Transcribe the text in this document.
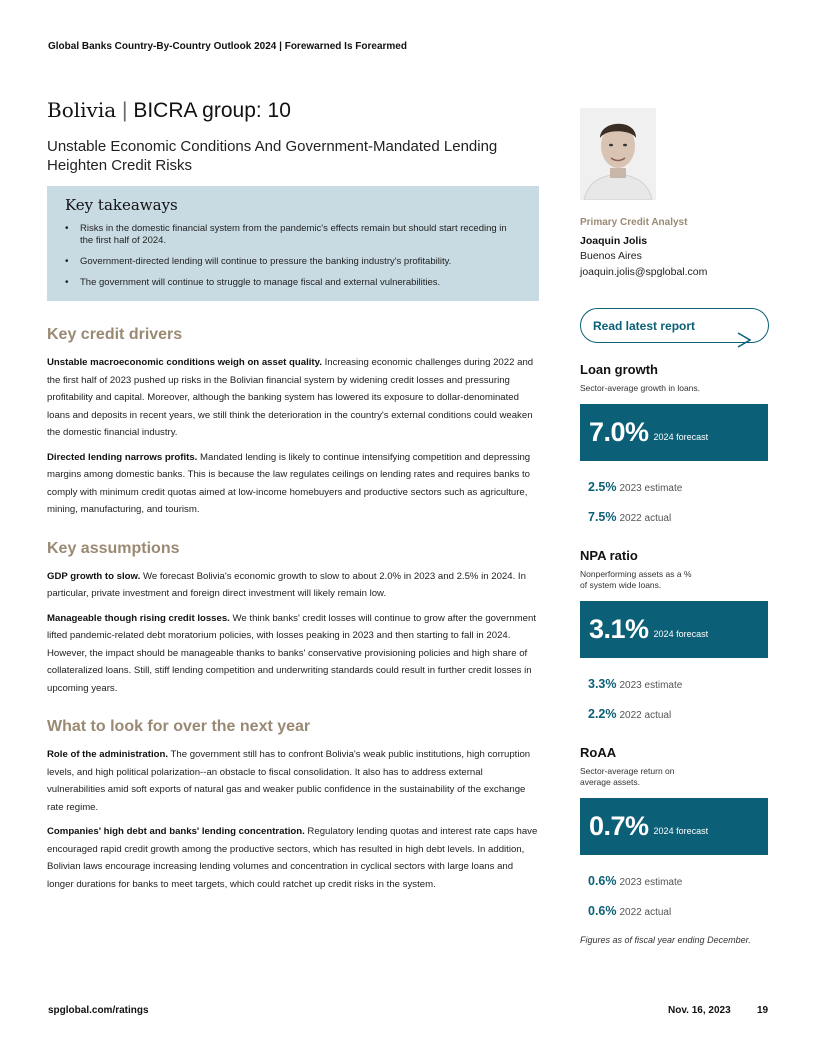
Global Banks Country-By-Country Outlook 2024 | Forewarned Is Forearmed
Bolivia | BICRA group: 10
Unstable Economic Conditions And Government-Mandated Lending Heighten Credit Risks
Key takeaways
• Risks in the domestic financial system from the pandemic's effects remain but should start receding in the first half of 2024.
• Government-directed lending will continue to pressure the banking industry's profitability.
• The government will continue to struggle to manage fiscal and external vulnerabilities.
Key credit drivers

Unstable macroeconomic conditions weigh on asset quality. Increasing economic challenges during 2022 and the first half of 2023 pushed up risks in the Bolivian financial system by widening credit losses and pressuring profitability and capital. Moreover, although the banking system has lowered its exposure to dollar-denominated loans and deposits in recent years, we still think the deterioration in the country's external conditions could weaken the domestic financial industry.

Directed lending narrows profits. Mandated lending is likely to continue intensifying competition and depressing margins among domestic banks. This is because the law regulates ceilings on lending rates and requires banks to comply with minimum credit quotas aimed at low-income homebuyers and productive sectors such as agriculture, mining, manufacturing, and tourism.

Key assumptions

GDP growth to slow. We forecast Bolivia's economic growth to slow to about 2.0% in 2023 and 2.5% in 2024. In particular, private investment and foreign direct investment will likely remain low.

Manageable though rising credit losses. We think banks' credit losses will continue to grow after the government lifted pandemic-related debt moratorium policies, with losses peaking in 2023 and then starting to fall in 2024. However, the impact should be manageable thanks to banks' conservative provisioning policies and high share of collateralized loans. Still, stiff lending competition and underwriting standards could result in further credit losses in upcoming years.

What to look for over the next year

Role of the administration. The government still has to confront Bolivia's weak public institutions, high corruption levels, and high political polarization--an obstacle to fiscal consolidation. It also has to address external vulnerabilities amid soft exports of natural gas and weaker public confidence in the sustainability of the exchange rate regime.

Companies' high debt and banks' lending concentration. Regulatory lending quotas and interest rate caps have encouraged rapid credit growth among the productive sectors, which has resulted in high debt levels. In addition, Bolivian laws encourage increasing lending volumes and concentration in cyclical sectors with large loans and longer durations for banks to meet targets, which could ratchet up credit risks in the system.

Primary Credit Analyst
Joaquin Jolis
Buenos Aires
joaquin.jolis@spglobal.com
Read latest report
Loan growth
Sector-average growth in loans.
7.0% 2024 forecast
2.5% 2023 estimate
7.5% 2022 actual
NPA ratio
Nonperforming assets as a % of system wide loans.
3.1% 2024 forecast
3.3% 2023 estimate
2.2% 2022 actual
RoAA
Sector-average return on average assets.
0.7% 2024 forecast
0.6% 2023 estimate
0.6% 2022 actual
Figures as of fiscal year ending December.
spglobal.com/ratings	Nov. 16, 2023	19
